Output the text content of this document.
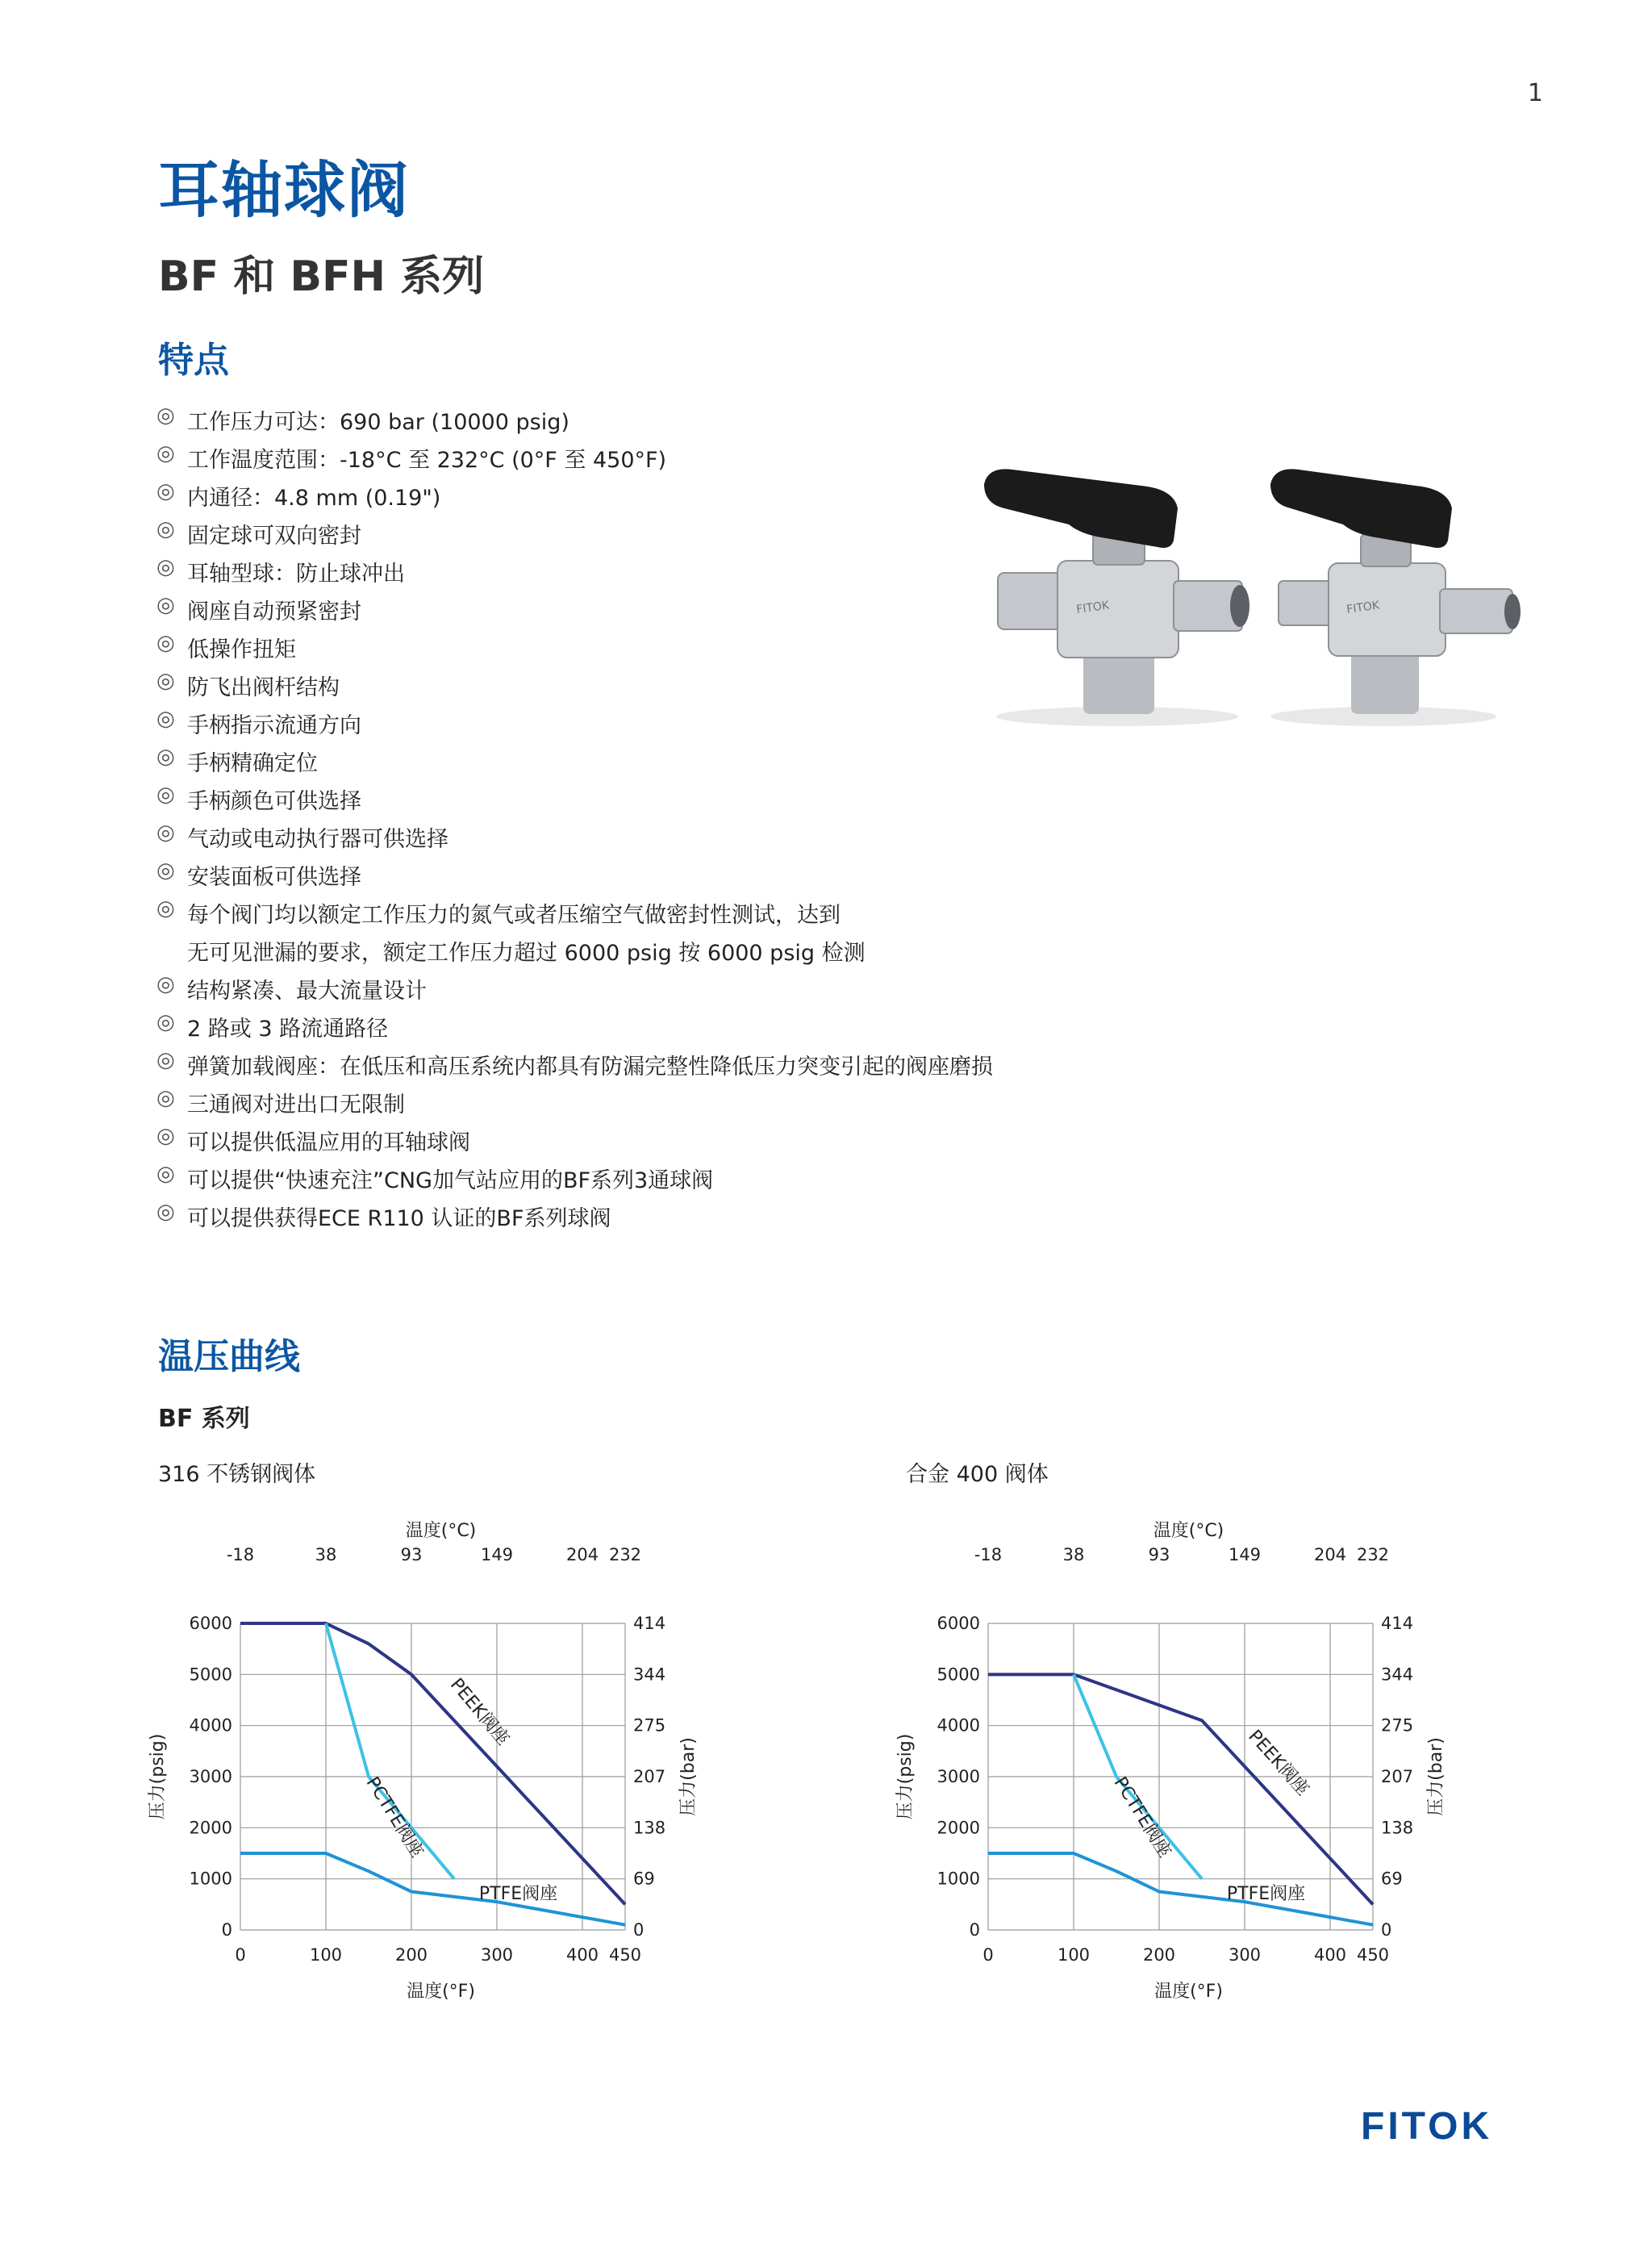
1
耳轴球阀
BF 和 BFH 系列
特点
◎ 工作压力可达：690 bar (10000 psig)
◎ 工作温度范围：-18°C 至 232°C (0°F 至 450°F)
◎ 内通径：4.8 mm (0.19")
◎ 固定球可双向密封
◎ 耳轴型球：防止球冲出
◎ 阀座自动预紧密封
◎ 低操作扭矩
◎ 防飞出阀杆结构
◎ 手柄指示流通方向
◎ 手柄精确定位
◎ 手柄颜色可供选择
◎ 气动或电动执行器可供选择
◎ 安装面板可供选择
◎ 每个阀门均以额定工作压力的氮气或者压缩空气做密封性测试，达到
无可见泄漏的要求，额定工作压力超过 6000 psig 按 6000 psig 检测
◎ 结构紧凑、最大流量设计
◎ 2 路或 3 路流通路径
◎ 弹簧加载阀座：在低压和高压系统内都具有防漏完整性降低压力突变引起的阀座磨损
◎ 三通阀对进出口无限制
◎ 可以提供低温应用的耳轴球阀
◎ 可以提供“快速充注”CNG加气站应用的BF系列3通球阀
◎ 可以提供获得ECE R110 认证的BF系列球阀
FITOK	FITOK
温压曲线
BF 系列
316 不锈钢阀体	合金 400 阀体
0	100	200	300	400 450
-18	38	93	149	204 232
0
1000
2000
3000
4000
5000
6000
0
69
138
207
275
344
414
温度(°F)
温度(°C)
压力(psig)	压力(bar)
PEEK阀座
PCTFE阀座
PTFE阀座
0	100	200	300	400 450
-18	38	93	149	204 232
0
1000
2000
3000
4000
5000
6000
0
69
138
207
275
344
414
温度(°F)
温度(°C)
压力(psig)	压力(bar)
PEEK阀座
PCTFE阀座
PTFE阀座
FITOK
